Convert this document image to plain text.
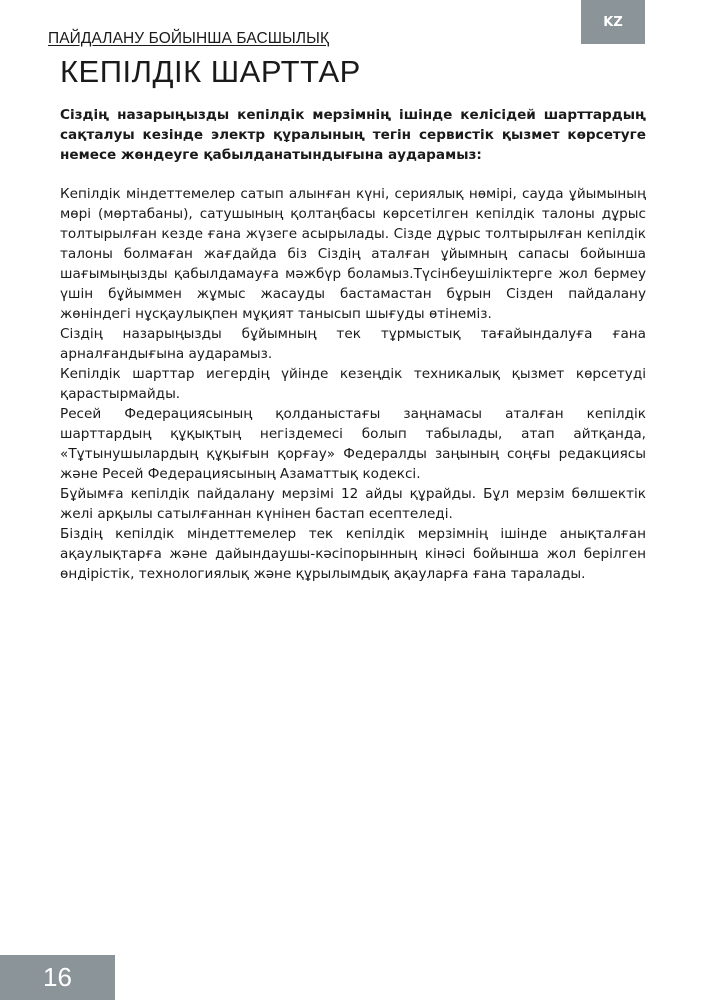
KZ
ПАЙДАЛАНУ БОЙЫНША БАСШЫЛЫҚ
КЕПІЛДІК ШАРТТАР

Сіздің назарыңызды кепілдік мерзімнің ішінде келісідей шарттардың сақталуы кезінде электр құралының тегін сервистік қызмет көрсетуге немесе жөндеуге қабылданатындығына аударамыз:

Кепілдік міндеттемелер сатып алынған күні, сериялық нөмірі, сауда ұйымының мөрі (мөртабаны), сатушының қолтаңбасы көрсетілген кепілдік талоны дұрыс толтырылған кезде ғана жүзеге асырылады. Сізде дұрыс толтырылған кепілдік талоны болмаған жағдайда біз Сіздің аталған ұйымның сапасы бойынша шағымыңызды қабылдамауға мәжбүр боламыз.Түсінбеушіліктерге жол бермеу үшін бұйыммен жұмыс жасауды бастамастан бұрын Сізден пайдалану жөніндегі нұсқаулықпен мұқият танысып шығуды өтінеміз.

Сіздің назарыңызды бұйымның тек тұрмыстық тағайындалуға ғана арналғандығына аударамыз.

Кепілдік шарттар иегердің үйінде кезеңдік техникалық қызмет көрсетуді қарастырмайды.

Ресей Федерациясының қолданыстағы заңнамасы аталған кепілдік шарттардың құқықтың негіздемесі болып табылады, атап айтқанда, «Тұтынушылардың құқығын қорғау» Федералды заңының соңғы редакциясы және Ресей Федерациясының Азаматтық кодексі.

Бұйымға кепілдік пайдалану мерзімі 12 айды құрайды. Бұл мерзім бөлшектік желі арқылы сатылғаннан күнінен бастап есептеледі.

Біздің кепілдік міндеттемелер тек кепілдік мерзімнің ішінде анықталған ақаулықтарға және дайындаушы-кәсіпорынның кінәсі бойынша жол берілген өндірістік, технологиялық және құрылымдық ақауларға ғана таралады.

16
